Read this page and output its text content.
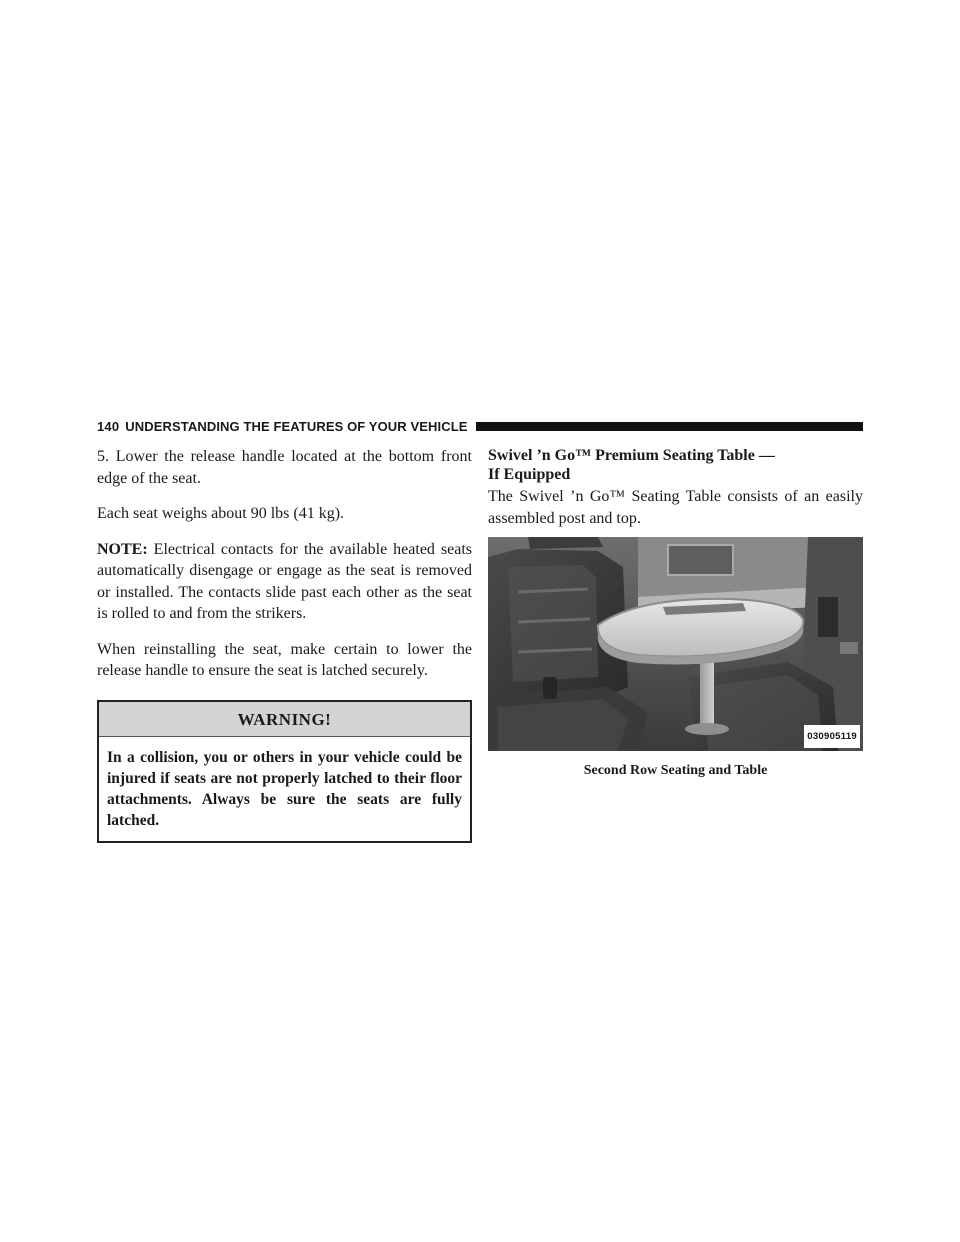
140 UNDERSTANDING THE FEATURES OF YOUR VEHICLE

5. Lower the release handle located at the bottom front edge of the seat.

Each seat weighs about 90 lbs (41 kg).

NOTE: Electrical contacts for the available heated seats automatically disengage or engage as the seat is removed or installed. The contacts slide past each other as the seat is rolled to and from the strikers.

When reinstalling the seat, make certain to lower the release handle to ensure the seat is latched securely.

WARNING!
In a collision, you or others in your vehicle could be injured if seats are not properly latched to their floor attachments. Always be sure the seats are fully latched.
Swivel ’n Go™ Premium Seating Table —
If Equipped

The Swivel ’n Go™ Seating Table consists of an easily assembled post and top.

030905119
Second Row Seating and Table
